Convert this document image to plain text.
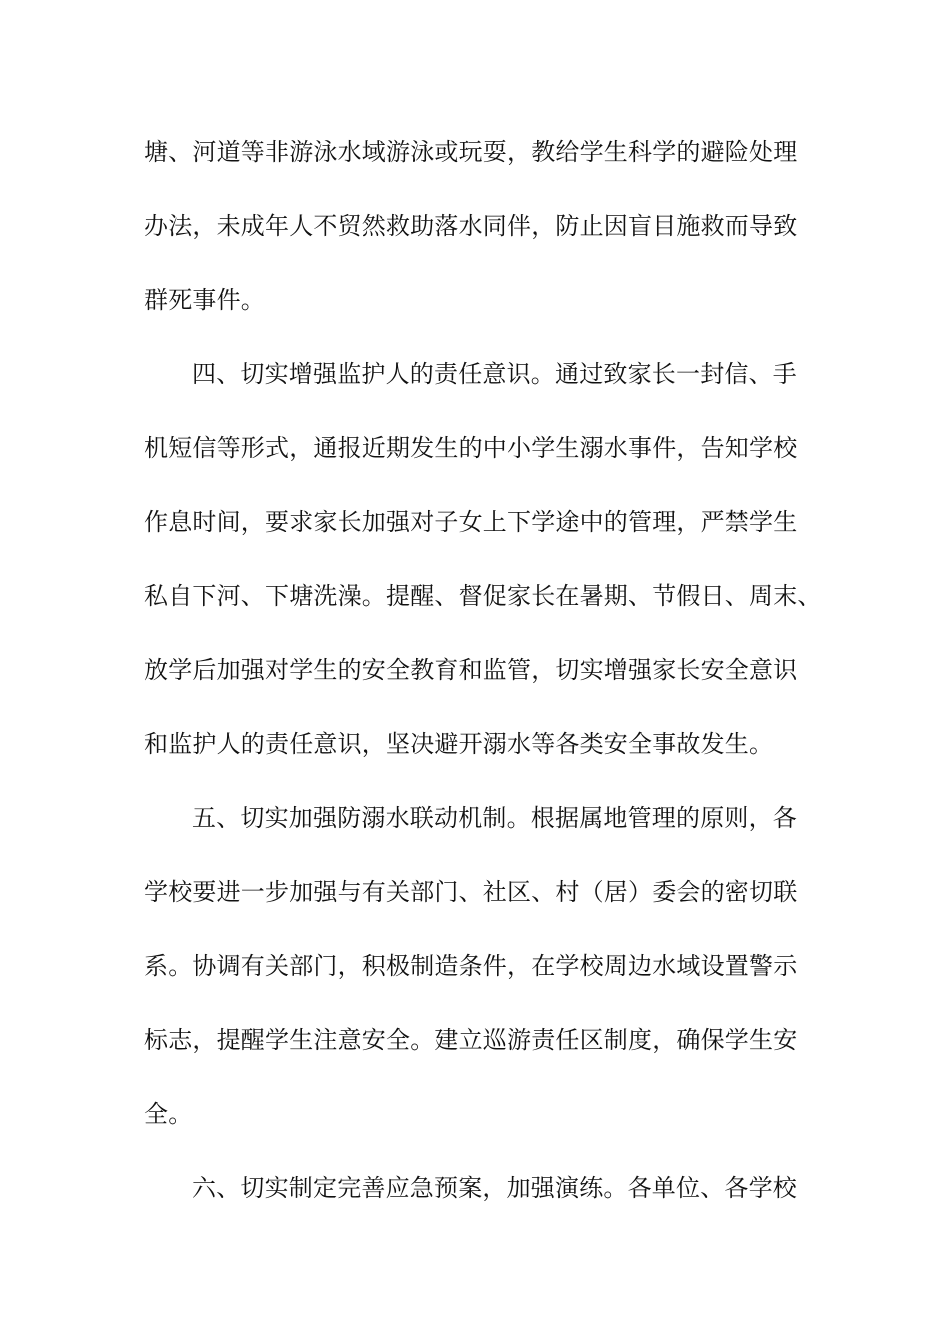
塘、河道等非游泳水域游泳或玩耍，教给学生科学的避险处理
办法，未成年人不贸然救助落水同伴，防止因盲目施救而导致
群死事件。
四、切实增强监护人的责任意识。通过致家长一封信、手
机短信等形式，通报近期发生的中小学生溺水事件，告知学校
作息时间，要求家长加强对子女上下学途中的管理，严禁学生
私自下河、下塘洗澡。提醒、督促家长在暑期、节假日、周末、
放学后加强对学生的安全教育和监管，切实增强家长安全意识
和监护人的责任意识，坚决避开溺水等各类安全事故发生。
五、切实加强防溺水联动机制。根据属地管理的原则，各
学校要进一步加强与有关部门、社区、村（居）委会的密切联
系。协调有关部门，积极制造条件，在学校周边水域设置警示
标志，提醒学生注意安全。建立巡游责任区制度，确保学生安
全。
六、切实制定完善应急预案，加强演练。各单位、各学校
